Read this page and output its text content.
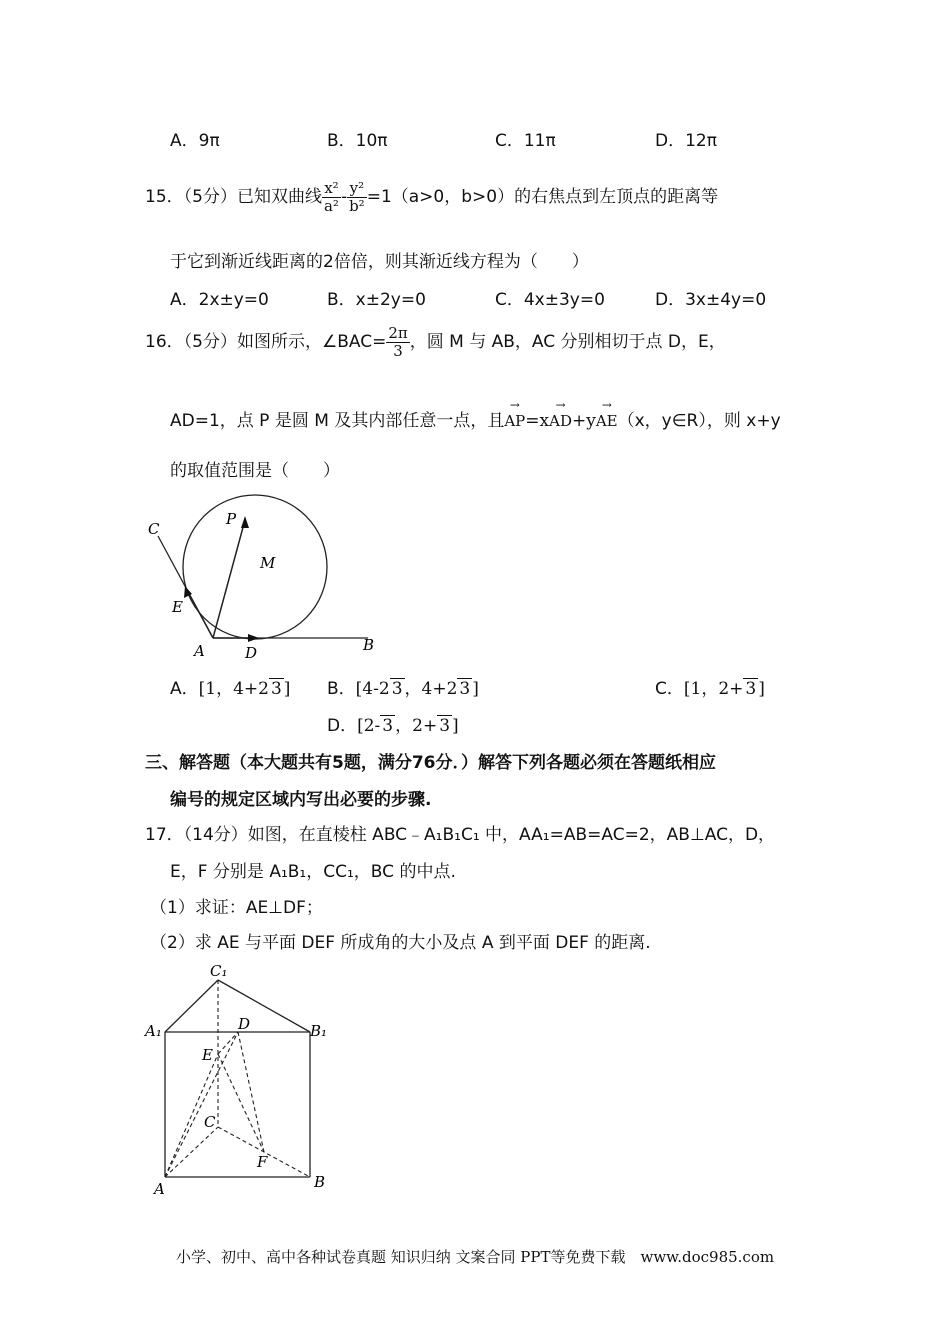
A．9π	B．10π	C．11π	D．12π
15．（5分）已知双曲线 $\frac{\text{x²}}{\text{a²}} - \frac{\text{y²}}{\text{b²}} =1(a>0$，b>0）的右焦点到左顶点的距离等
于它到渐近线距离的2倍倍，则其渐近线方程为（　　）
A．2x±y=0	B．x±2y=0	C．4x±3y=0	D．3x±4y=0
16．（5分）如图所示，∠BAC= $\frac{2\pi}{3}$ ，圆 M 与 AB，AC 分别相切于点 D，E，
AD=1，点 P 是圆 M 及其内部任意一点，且→ AP=x→ AD+y→ AE（x，y∈R），则 x+y
的取值范围是（　　）
C
P
M
E
A	D	B
A．[1，4+2 3 ] B．[4-2 3 ，4+2 3 ]	C．[1，2+ 3 ]
D．[2- 3 ，2+ 3 ]
三、解答题（本大题共有5题，满分76分．）解答下列各题必须在答题纸相应
编号的规定区域内写出必要的步骤.
17．（14分）如图，在直棱柱 ABC﹣A₁B₁C₁ 中，AA₁=AB=AC=2，AB⊥AC，D，
E，F 分别是 A₁B₁，CC₁，BC 的中点.
（1）求证：AE⊥DF；
（2）求 AE 与平面 DEF 所成角的大小及点 A 到平面 DEF 的距离.
C₁
A₁	D	B₁
E
C
F
A	B
小学、初中、高中各种试卷真题 知识归纳 文案合同 PPT等免费下载　www.doc985.com
